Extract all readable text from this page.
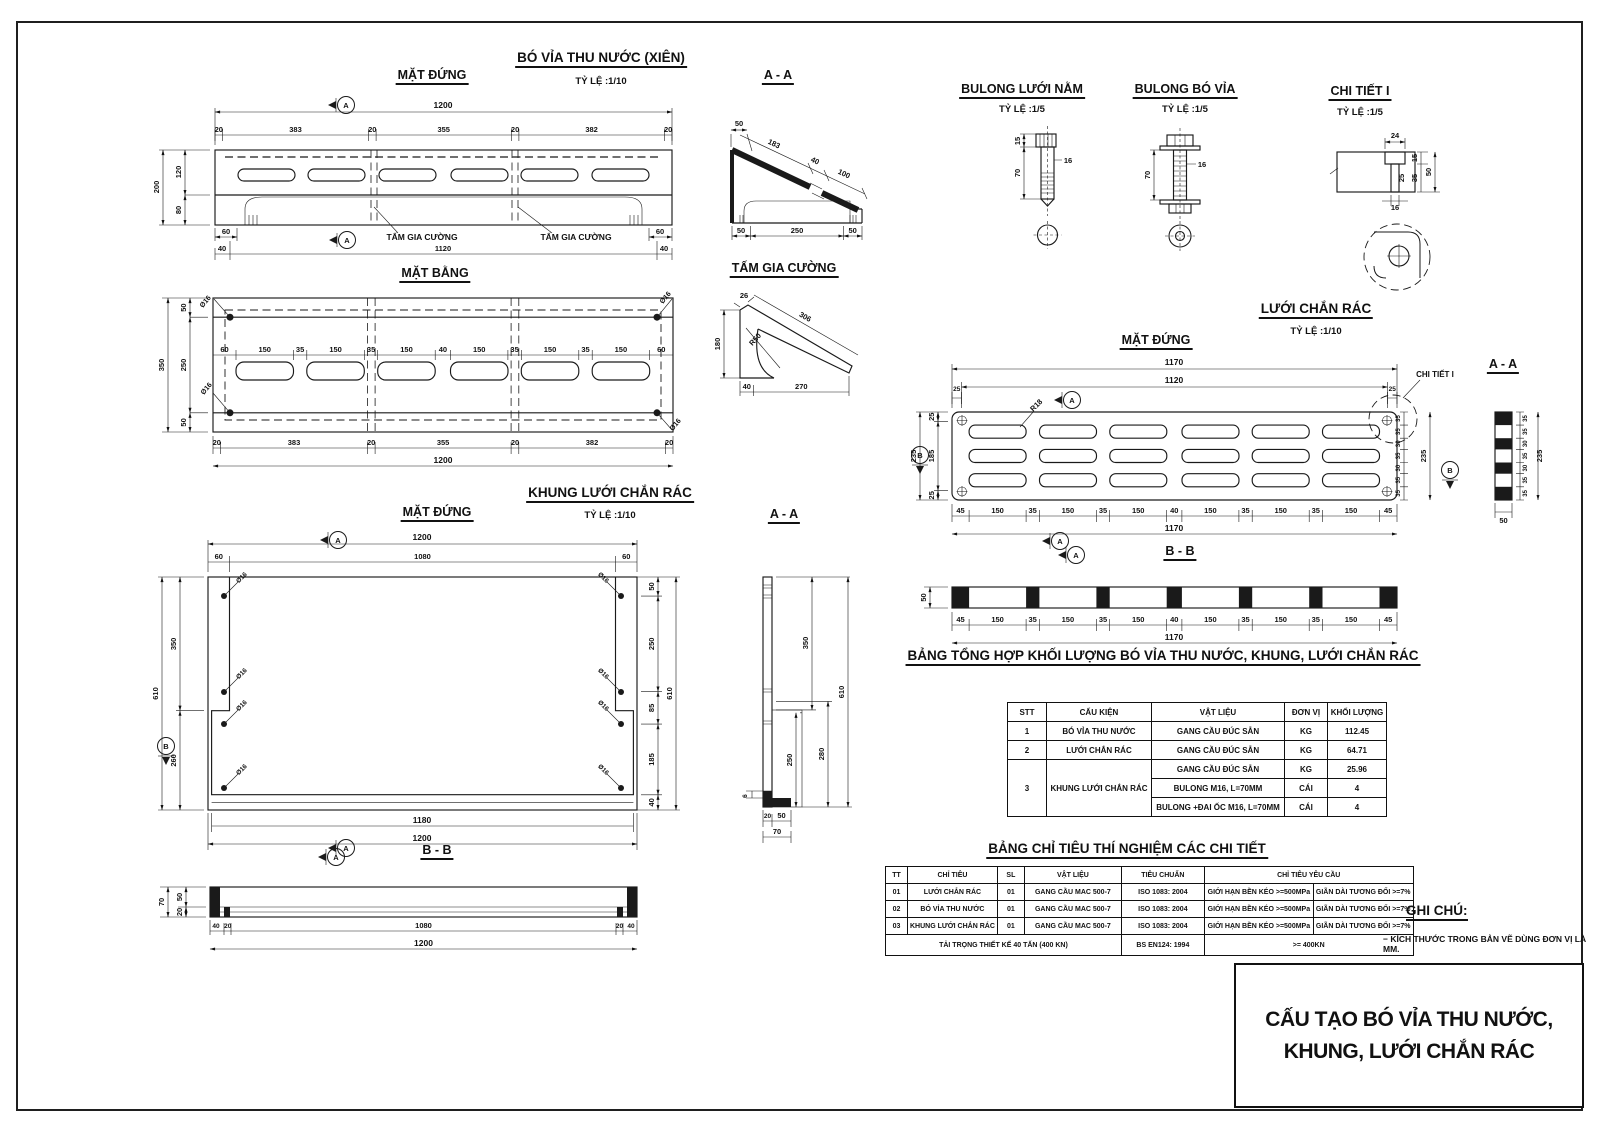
BÓ VỈA THU NƯỚC (XIÊN)
TỶ LỆ :1/10
MẶT ĐỨNG	A - A
BULONG LƯỚI NẰM
TỶ LỆ :1/5
BULONG BÓ VỈA
TỶ LỆ :1/5
CHI TIẾT I
TỶ LỆ :1/5
MẶT BẰNG	TẤM GIA CƯỜNG
LƯỚI CHẮN RÁC
TỶ LỆ :1/10
MẶT ĐỨNG
A - A
B - B
KHUNG LƯỚI CHẮN RÁC
TỶ LỆ :1/10
MẶT ĐỨNG	A - A
B - B
BẢNG TỔNG HỢP KHỐI LƯỢNG BÓ VỈA THU NƯỚC, KHUNG, LƯỚI CHẮN RÁC
BẢNG CHỈ TIÊU THÍ NGHIỆM CÁC CHI TIẾT
1200
20	383	20	355	20	382	20
200
120
80
60	60
40	1120	40
A
A	TẤM GIA CƯỜNG	TẤM GIA CƯỜNG
50
183
40
100
50	250	50
15
70
16
70
16
24
15
35
50
25
16
Ø16	Ø16
Ø16
Ø16
60	150	35	150	35	150	40	150	35	150	35	150	60
50
250
50
350
20	383	20	355	20	382	20
1200
26
306
180	R50
40	270
R18
CHI TIẾT I
A
A
B
B
1170
1120
25	25
25
185
25
235
35
35
30
35
30
35
35
235
45	150	35	150	35	150	40	150	35	150	35	150	45
1170
35
35
30
35
30
35
35
235
50
A
50
45	150	35	150	35	150	40	150	35	150	35	150	45
1170
Ø16
Ø16
Ø16
Ø16
Ø16
Ø16
Ø16
Ø16
1200
60	1080	60
610
350
260
50
250
85
185
40
610
1180
1200
A
A
B
350
280
250
610
6
20 50
70
A
70
50
20
40 20	1080	20 40
1200
STT	CẤU KIỆN	VẬT LIỆU	ĐƠN VỊ	KHỐI LƯỢNG
1	BÓ VỈA THU NƯỚC	GANG CẦU ĐÚC SẴN	KG	112.45
2	LƯỚI CHẮN RÁC	GANG CẦU ĐÚC SẴN	KG	64.71
3	KHUNG LƯỚI CHẮN RÁC	GANG CẦU ĐÚC SẴN	KG	25.96
		BULONG M16, L=70MM	CÁI	4
		BULONG +ĐAI ỐC M16, L=70MM	CÁI	4
TT	CHỈ TIÊU	SL	VẬT LIỆU	TIÊU CHUẨN	CHỈ TIÊU YÊU CẦU	
01	LƯỚI CHẮN RÁC	01	GANG CẦU MAC 500-7	ISO 1083: 2004	GIỚI HẠN BỀN KÉO >=500MPa	GIÃN DÀI TƯƠNG ĐỐI >=7%
02	BÓ VỈA THU NƯỚC	01	GANG CẦU MAC 500-7	ISO 1083: 2004	GIỚI HẠN BỀN KÉO >=500MPa	GIÃN DÀI TƯƠNG ĐỐI >=7%
03	KHUNG LƯỚI CHẮN RÁC	01	GANG CẦU MAC 500-7	ISO 1083: 2004	GIỚI HẠN BỀN KÉO >=500MPa	GIÃN DÀI TƯƠNG ĐỐI >=7%
TẢI TRỌNG THIẾT KẾ 40 TẤN (400 KN)				BS EN124: 1994	>= 400KN	
GHI CHÚ:
− KÍCH THƯỚC TRONG BẢN VẼ DÙNG ĐƠN VỊ LÀ MM.
CẤU TẠO BÓ VỈA THU NƯỚC,
KHUNG, LƯỚI CHẮN RÁC
